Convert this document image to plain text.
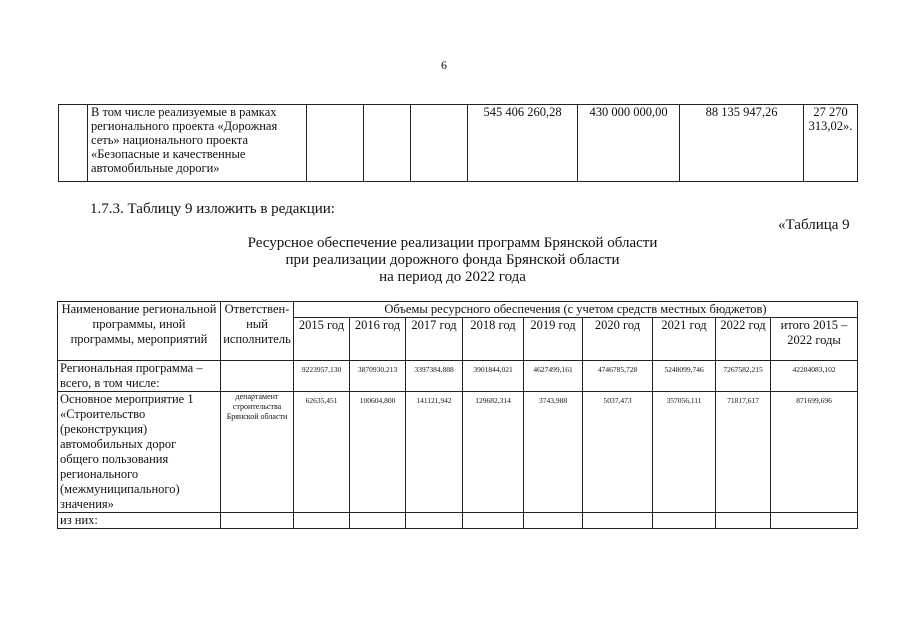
6
	В том числе реализуемые в рамках регионального проекта «Дорожная сеть» национального проекта «Безопасные и качественные автомобильные дороги»				545 406 260,28	430 000 000,00	88 135 947,26	27 270 313,02».
1.7.3. Таблицу 9 изложить в редакции:
«Таблица 9
Ресурсное обеспечение реализации программ Брянской области
при реализации дорожного фонда Брянской области
на период до 2022 года
Наименование региональной программы, иной программы, мероприятий	Ответствен- ный исполнитель	Объемы ресурсного обеспечения (с учетом средств местных бюджетов)								
		2015 год	2016 год	2017 год	2018 год	2019 год	2020 год	2021 год	2022 год	итого 2015 – 2022 годы
Региональная программа – всего, в том числе:		9223957,130	3870930,213	3397384,888	3901844,021	4627499,161	4746785,728	5248099,746	7267582,215	42284083,102
Основное мероприятие 1 «Строительство (реконструкция) автомобильных дорог общего пользования регионального (межмуниципального) значения»	департамент строительства Брянской области	62635,451	100604,800	141121,942	129682,314	3743,988	5037,473	357056,111	71817,617	871699,696
из них:										
